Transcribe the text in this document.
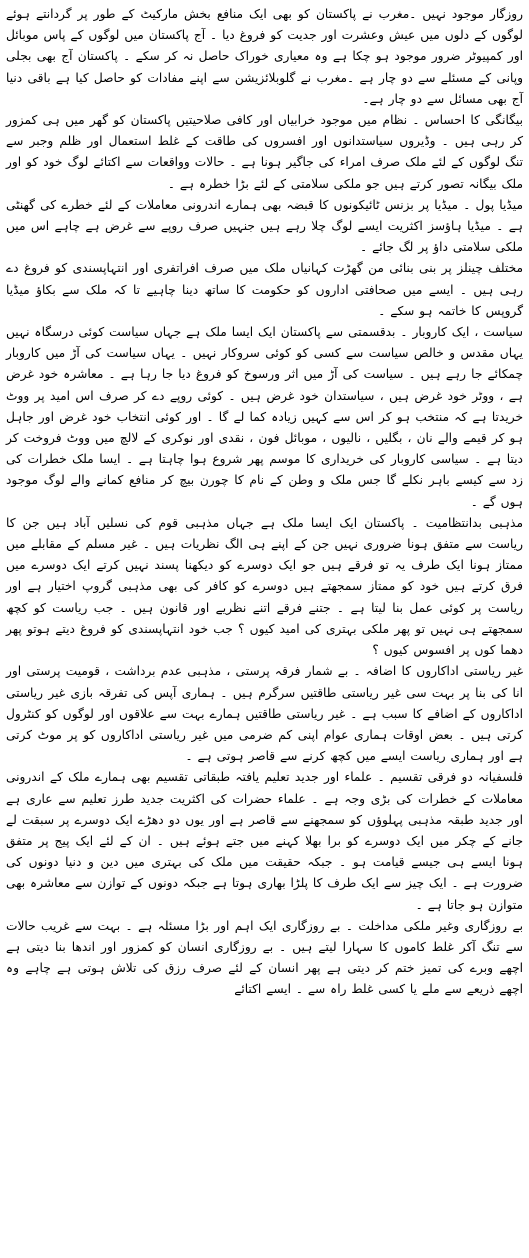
روزگار موجود نہیں ۔مغرب نے پاکستان کو بھی ایک منافع بخش مارکیٹ کے طور پر گردانتے ہوئے لوگوں کے دلوں میں عیش وعشرت اور جدیت کو فروغ دیا ۔ آج پاکستان میں لوگوں کے پاس موبائل اور کمپیوٹر ضرور موجود ہو چکا ہے وہ معیاری خوراک حاصل نہ کر سکے ۔ پاکستان آج بھی بجلی وپانی کے مسئلے سے دو چار ہے ۔مغرب نے گلوبلائزیشن سے اپنے مفادات کو حاصل کیا ہے باقی دنیا آج بھی مسائل سے دو چار ہے۔

بیگانگی کا احساس ۔ نظام میں موجود خرابیاں اور کافی صلاحیتیں پاکستان کو گھر میں ہی کمزور کر رہی ہیں ۔ وڈیروں سیاستدانوں اور افسروں کی طاقت کے غلط استعمال اور ظلم وجبر سے تنگ لوگوں کے لئے ملک صرف امراء کی جاگیر ہونا ہے ۔ حالات وواقعات سے اکتائے لوگ خود کو اور ملک بیگانہ تصور کرتے ہیں جو ملکی سلامتی کے لئے بڑا خطرہ ہے ۔

میڈیا پول ۔ میڈیا پر بزنس ٹائیکونوں کا قبضہ بھی ہمارے اندرونی معاملات کے لئے خطرے کی گھنٹی ہے ۔ میڈیا ہاؤسز اکثریت ایسے لوگ چلا رہے ہیں جنہیں صرف روپے سے غرض ہے چاہے اس میں ملکی سلامتی داؤ پر لگ جائے ۔

مختلف چینلز پر بنی بنائی من گھڑت کہانیاں ملک میں صرف افراتفری اور انتہاپسندی کو فروغ دے رہی ہیں ۔ ایسے میں صحافتی اداروں کو حکومت کا ساتھ دینا چاہیے تا کہ ملک سے بکاؤ میڈیا گروپس کا خاتمہ ہو سکے ۔

سیاست ، ایک کاروبار ۔ بدقسمتی سے پاکستان ایک ایسا ملک ہے جہاں سیاست کوئی درسگاہ نہیں یہاں مقدس و خالص سیاست سے کسی کو کوئی سروکار نہیں ۔ یہاں سیاست کی آڑ میں کاروبار چمکائے جا رہے ہیں ۔ سیاست کی آڑ میں اثر ورسوخ کو فروغ دیا جا رہا ہے ۔ معاشرہ خود غرض ہے ، ووٹر خود غرض ہیں ، سیاستدان خود غرض ہیں ۔ کوئی روپے دے کر صرف اس امید پر ووٹ خریدتا ہے کہ منتخب ہو کر اس سے کہیں زیادہ کما لے گا ۔ اور کوئی انتخاب خود غرض اور جاہل ہو کر قیمے والے نان ، بگلیں ، نالیوں ، موبائل فون ، نقدی اور نوکری کے لالچ میں ووٹ فروخت کر دیتا ہے ۔ سیاسی کاروبار کی خریداری کا موسم پھر شروع ہوا چاہتا ہے ۔ ایسا ملک خطرات کی زد سے کیسے باہر نکلے گا جس ملک و وطن کے نام کا چورن بیچ کر منافع کمانے والے لوگ موجود ہوں گے ۔

مذہبی بدانتظامیت ۔ پاکستان ایک ایسا ملک ہے جہاں مذہبی قوم کی نسلیں آباد ہیں جن کا ریاست سے متفق ہونا ضروری نہیں جن کے اپنے ہی الگ نظریات ہیں ۔ غیر مسلم کے مقابلے میں ممتاز ہونا ایک طرف یہ تو فرقے ہیں جو ایک دوسرے کو دیکھنا پسند نہیں کرتے ایک دوسرے میں فرق کرتے ہیں خود کو ممتاز سمجھتے ہیں دوسرے کو کافر کی بھی مذہبی گروپ اختیار ہے اور ریاست پر کوئی عمل بنا لیتا ہے ۔ جتنے فرقے اتنے نظریے اور قانون ہیں ۔ جب ریاست کو کچھ سمجھتے ہی نہیں تو پھر ملکی بہتری کی امید کیوں ؟ جب خود انتہاپسندی کو فروغ دیتے ہوتو پھر دھما کوں پر افسوس کیوں ؟

غیر ریاستی اداکاروں کا اضافہ ۔ بے شمار فرقہ پرستی ، مذہبی عدم برداشت ، قومیت پرستی اور انا کی بنا پر بہت سی غیر ریاستی طاقتیں سرگرم ہیں ۔ ہماری آپس کی تفرقہ بازی غیر ریاستی اداکاروں کے اضافے کا سبب ہے ۔ غیر ریاستی طاقتیں ہمارے بہت سے علاقوں اور لوگوں کو کنٹرول کرتی ہیں ۔ بعض اوقات ہماری عوام اپنی کم ضرمی میں غیر ریاستی اداکاروں کو پر موٹ کرتی ہے اور ہماری ریاست ایسے میں کچھ کرنے سے قاصر ہوتی ہے ۔

فلسفیانہ دو فرقی تقسیم ۔ علماء اور جدید تعلیم یافتہ طبقاتی تقسیم بھی ہمارے ملک کے اندرونی معاملات کے خطرات کی بڑی وجہ ہے ۔ علماء حضرات کی اکثریت جدید طرز تعلیم سے عاری ہے اور جدید طبقہ مذہبی پہلوؤں کو سمجھنے سے قاصر ہے اور یوں دو دھڑے ایک دوسرے پر سبقت لے جانے کے چکر میں ایک دوسرے کو برا بھلا کہنے میں جتے ہوئے ہیں ۔ ان کے لئے ایک پیج پر متفق ہونا ایسے ہی جیسے قیامت ہو ۔ جبکہ حقیقت میں ملک کی بہتری میں دین و دنیا دونوں کی ضرورت ہے ۔ ایک چیز سے ایک طرف کا پلڑا بھاری ہوتا ہے جبکہ دونوں کے توازن سے معاشرہ بھی متوازن ہو جاتا ہے ۔

بے روزگاری وغیر ملکی مداخلت ۔ بے روزگاری ایک اہم اور بڑا مسئلہ ہے ۔ بہت سے غریب حالات سے تنگ آکر غلط کاموں کا سہارا لیتے ہیں ۔ بے روزگاری انسان کو کمزور اور اندھا بنا دیتی ہے اچھے وبرے کی تمیز ختم کر دیتی ہے پھر انسان کے لئے صرف رزق کی تلاش ہوتی ہے چاہے وہ اچھے ذریعے سے ملے یا کسی غلط راہ سے ۔ ایسے اکتائے
